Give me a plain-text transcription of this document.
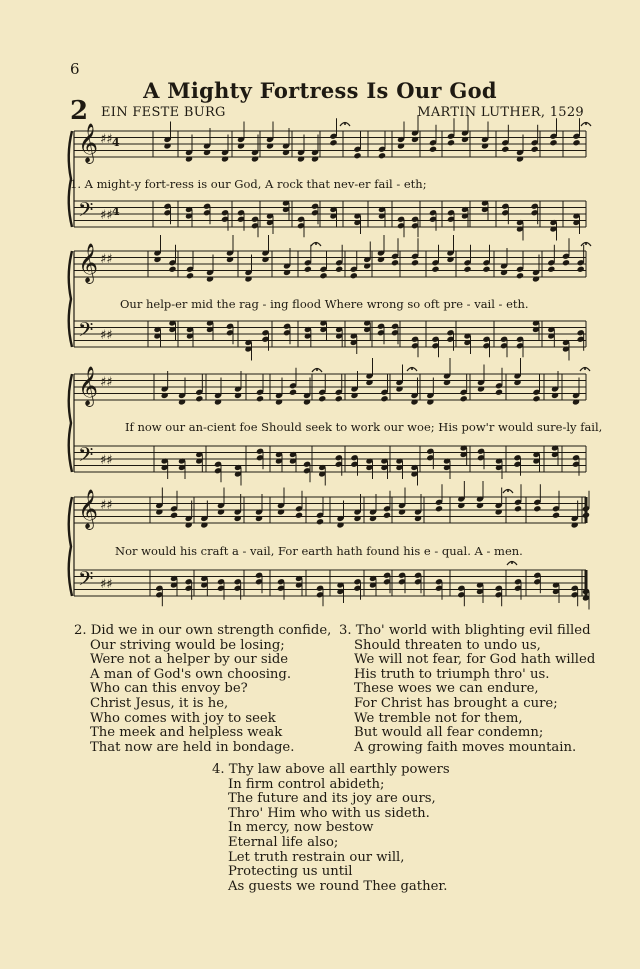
6
A Mighty Fortress Is Our God
2 EIN FESTE BURG	MARTIN LUTHER, 1529
𝄞 ♯♯
𝄢 ♯♯
𝄞 ♯♯
𝄢 ♯♯
𝄞 ♯♯
𝄢 ♯♯
𝄞 ♯♯
𝄢 ♯♯
4
4
1. A might-y fort-ress is our God, A rock that nev-er fail - eth;
Our help-er mid the rag - ing flood Where wrong so oft pre - vail - eth.
If now our an-cient foe Should seek to work our woe; His pow'r would sure-ly fail,
Nor would his craft a - vail, For earth hath found his e - qual. A - men.
2. Did we in our own strength confide,
Our striving would be losing;
Were not a helper by our side
A man of God's own choosing.
Who can this envoy be?
Christ Jesus, it is he,
Who comes with joy to seek
The meek and helpless weak
That now are held in bondage.
3. Tho' world with blighting evil filled
Should threaten to undo us,
We will not fear, for God hath willed
His truth to triumph thro' us.
These woes we can endure,
For Christ has brought a cure;
We tremble not for them,
But would all fear condemn;
A growing faith moves mountain.
4. Thy law above all earthly powers
In firm control abideth;
The future and its joy are ours,
Thro' Him who with us sideth.
In mercy, now bestow
Eternal life also;
Let truth restrain our will,
Protecting us until
As guests we round Thee gather.
